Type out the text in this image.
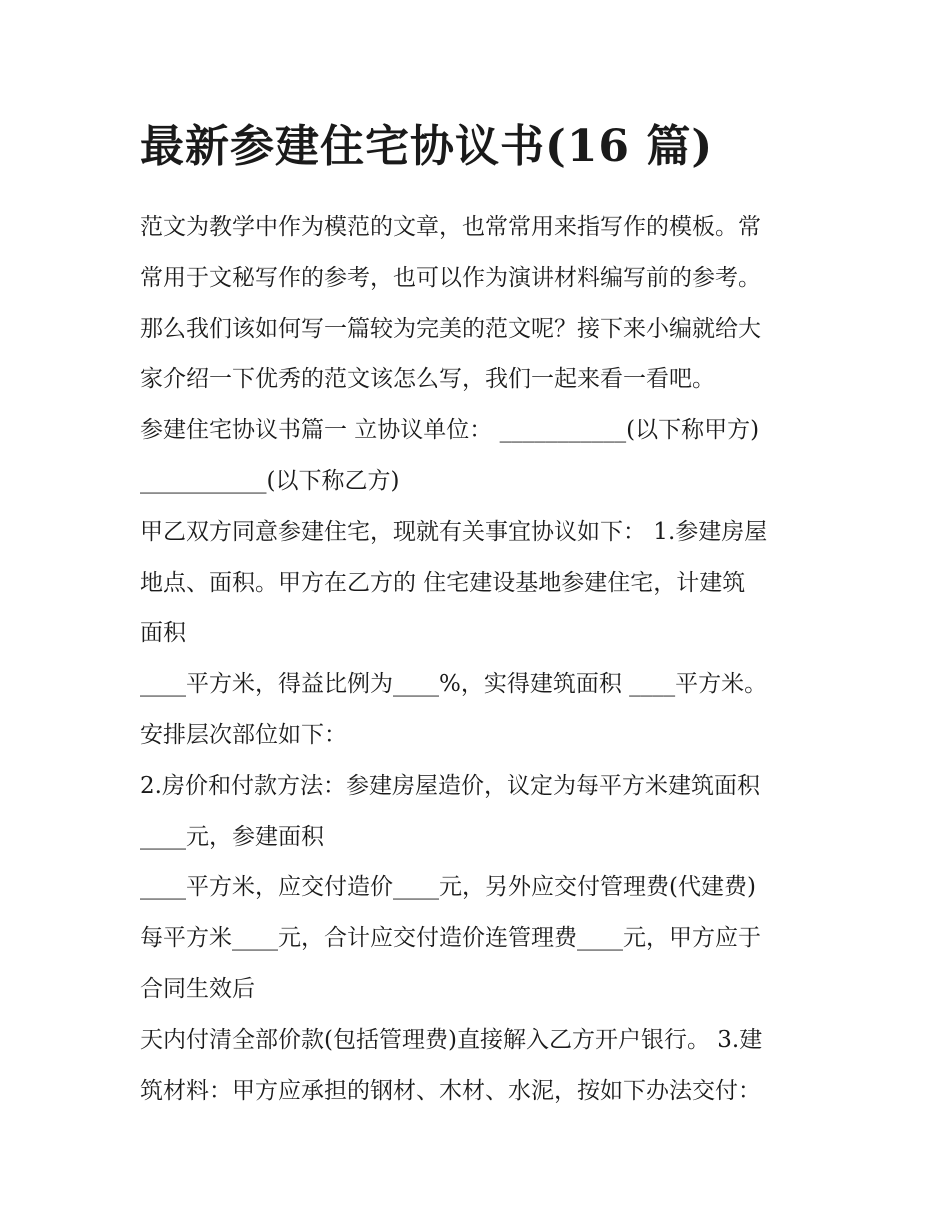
最新参建住宅协议书(16 篇)
范文为教学中作为模范的文章，也常常用来指写作的模板。常
常用于文秘写作的参考，也可以作为演讲材料编写前的参考。
那么我们该如何写一篇较为完美的范文呢？接下来小编就给大
家介绍一下优秀的范文该怎么写，我们一起来看一看吧。
参建住宅协议书篇一 立协议单位： ___________(以下称甲方)
___________(以下称乙方)
甲乙双方同意参建住宅，现就有关事宜协议如下： 1.参建房屋
地点、面积。甲方在乙方的 住宅建设基地参建住宅，计建筑
面积
____平方米，得益比例为____%，实得建筑面积 ____平方米。
安排层次部位如下：
2.房价和付款方法：参建房屋造价，议定为每平方米建筑面积
____元，参建面积
____平方米，应交付造价____元，另外应交付管理费(代建费)
每平方米____元，合计应交付造价连管理费____元，甲方应于
合同生效后
天内付清全部价款(包括管理费)直接解入乙方开户银行。 3.建
筑材料：甲方应承担的钢材、木材、水泥，按如下办法交付：
